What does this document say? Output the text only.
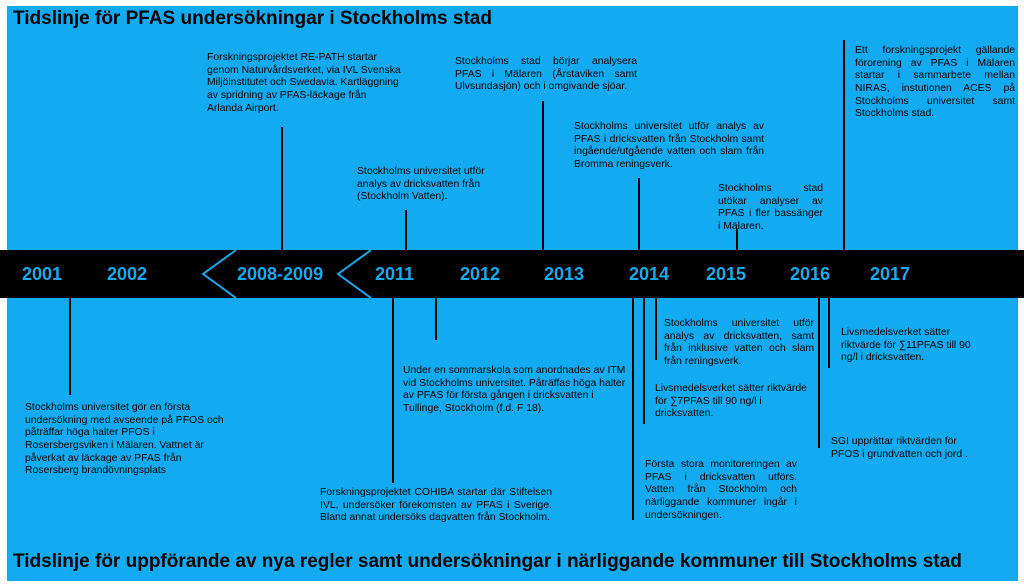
Tidslinje för PFAS undersökningar i Stockholms stad
Tidslinje för uppförande av nya regler samt undersökningar i närliggande kommuner till Stockholms stad
2001 2002	2008-2009	2011	2012 2013 2014 2015 2016 2017
Forskningsprojektet RE-PATH startar genom Naturvårdsverket, via IVL Svenska Miljöinstitutet och Swedavia. Kartläggning av spridning av PFAS-läckage från Arlanda Airport.
Stockholms universitet utför analys av dricksvatten från (Stockholm Vatten).
Stockholms stad börjar analysera PFAS i Mälaren (Årstaviken samt Ulvsundasjön) och i omgivande sjöar.
Stockholms universitet utför analys av PFAS i dricksvatten från Stockholm samt ingående/utgående vatten och slam från Bromma reningsverk.
Stockholms stad utökar analyser av PFAS i fler bassänger i Mälaren.
Ett forskningsprojekt gällande förorening av PFAS i Mälaren startar i sammarbete mellan NIRAS, instutionen ACES på Stockholms universitet samt Stockholms stad.
Stockholms universitet gör en första undersökning med avseende på PFOS och påträffar höga halter PFOS i Rosersbergsviken i Mälaren. Vattnet är påverkat av läckage av PFAS från Rosersberg brandövningsplats
Forskningsprojektet COHIBA startar där Stiftelsen IVL, undersöker förekomsten av PFAS i Sverige. Bland annat undersöks dagvatten från Stockholm.
Under en sommarskola som anordnades av ITM vid Stockholms universitet. Påträffas höga halter av PFAS för första gången i dricksvatten i Tullinge, Stockholm (f.d. F 18).
Första stora monitoreringen av PFAS i dricksvatten utförs. Vatten från Stockholm och närliggande kommuner ingår i undersökningen.
Livsmedelsverket sätter riktvärde för ∑7PFAS till 90 ng/l i dricksvatten.
Stockholms universitet utför analys av dricksvatten, samt från inklusive vatten och slam från reningsverk.
SGI upprättar riktvärden för PFOS i grundvatten och jord .
Livsmedelsverket sätter riktvärde för ∑11PFAS till 90 ng/l i dricksvatten.
